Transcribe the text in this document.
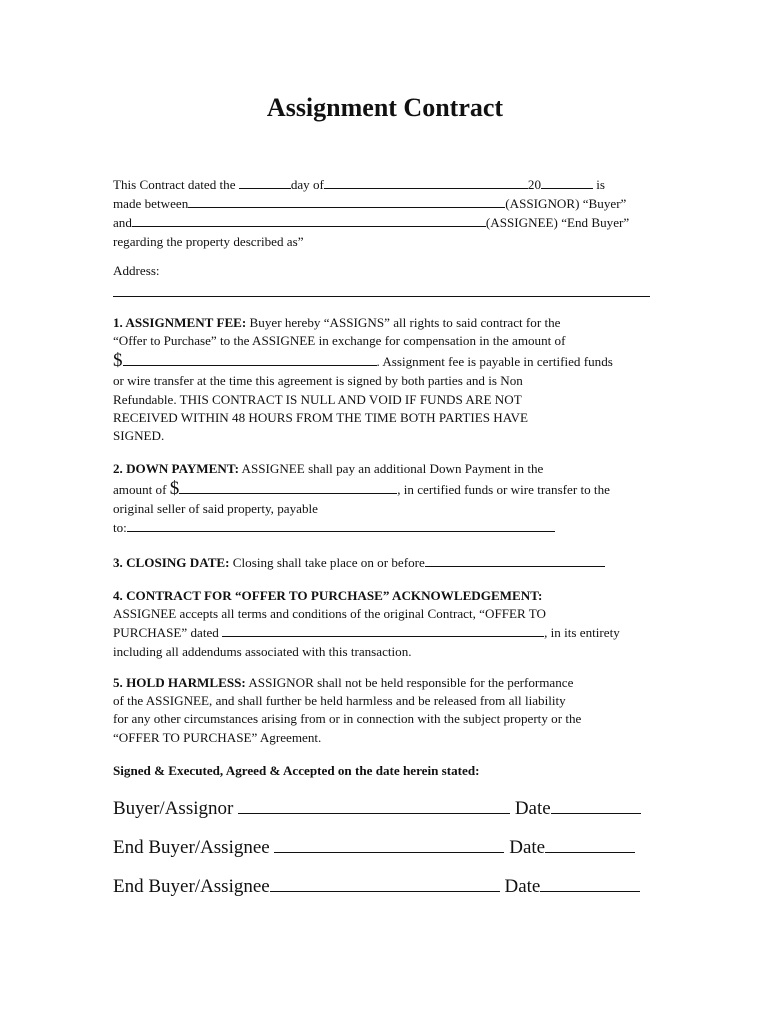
Assignment Contract
This Contract dated the	day of	20	is
made between	(ASSIGNOR) “Buyer”
and	(ASSIGNEE) “End Buyer”
regarding the property described as”
Address:
1. ASSIGNMENT FEE: Buyer hereby “ASSIGNS” all rights to said contract for the
“Offer to Purchase” to the ASSIGNEE in exchange for compensation in the amount of
$	. Assignment fee is payable in certified funds
or wire transfer at the time this agreement is signed by both parties and is Non
Refundable. THIS CONTRACT IS NULL AND VOID IF FUNDS ARE NOT
RECEIVED WITHIN 48 HOURS FROM THE TIME BOTH PARTIES HAVE
SIGNED.
2. DOWN PAYMENT: ASSIGNEE shall pay an additional Down Payment in the
amount of $	, in certified funds or wire transfer to the
original seller of said property, payable
to:
3. CLOSING DATE: Closing shall take place on or before
4. CONTRACT FOR “OFFER TO PURCHASE” ACKNOWLEDGEMENT:
ASSIGNEE accepts all terms and conditions of the original Contract, “OFFER TO
PURCHASE” dated	, in its entirety
including all addendums associated with this transaction.
5. HOLD HARMLESS: ASSIGNOR shall not be held responsible for the performance
of the ASSIGNEE, and shall further be held harmless and be released from all liability
for any other circumstances arising from or in connection with the subject property or the
“OFFER TO PURCHASE” Agreement.
Signed & Executed, Agreed & Accepted on the date herein stated:
Buyer/Assignor	Date
End Buyer/Assignee	Date
End Buyer/Assignee	Date
